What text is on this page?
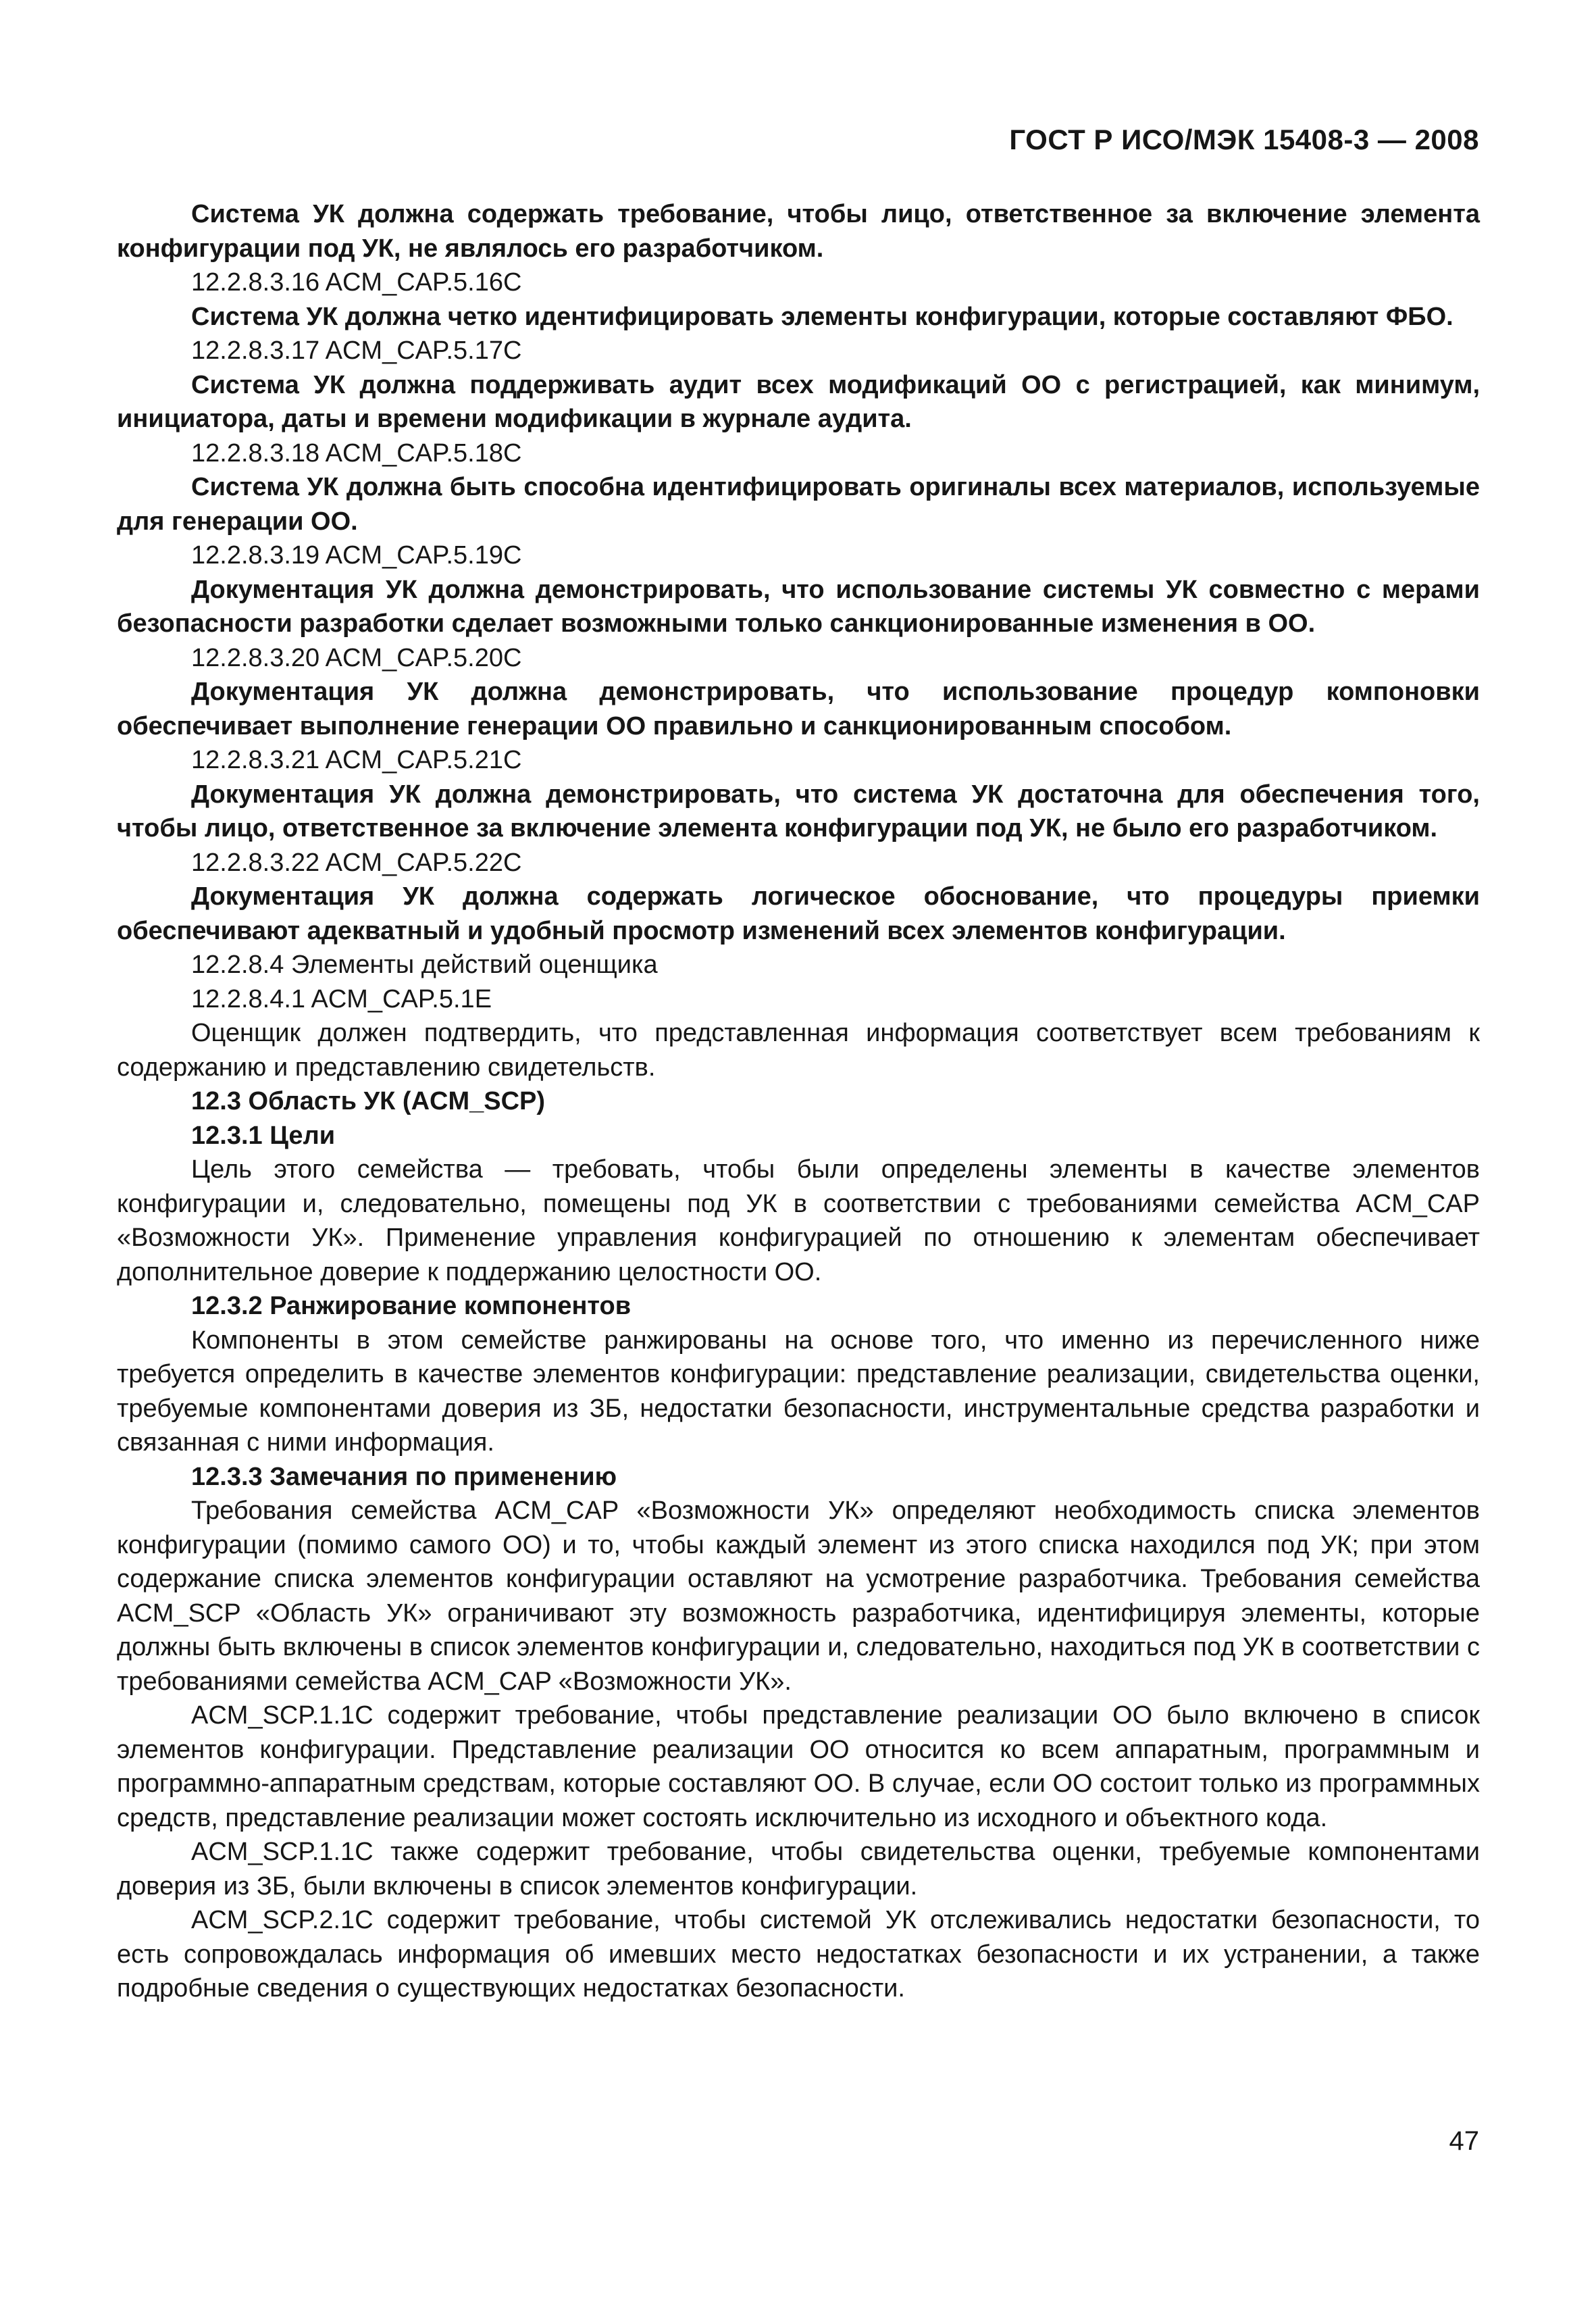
ГОСТ Р ИСО/МЭК 15408-3 — 2008

Система УК должна содержать требование, чтобы лицо, ответственное за включение элемента конфигурации под УК, не являлось его разработчиком.

12.2.8.3.16 ACM_CAP.5.16C

Система УК должна четко идентифицировать элементы конфигурации, которые составляют ФБО.

12.2.8.3.17 ACM_CAP.5.17C

Система УК должна поддерживать аудит всех модификаций ОО с регистрацией, как минимум, инициатора, даты и времени модификации в журнале аудита.

12.2.8.3.18 ACM_CAP.5.18C

Система УК должна быть способна идентифицировать оригиналы всех материалов, используемые для генерации ОО.

12.2.8.3.19 ACM_CAP.5.19C

Документация УК должна демонстрировать, что использование системы УК совместно с мерами безопасности разработки сделает возможными только санкционированные изменения в ОО.

12.2.8.3.20 ACM_CAP.5.20C

Документация УК должна демонстрировать, что использование процедур компоновки обеспечивает выполнение генерации ОО правильно и санкционированным способом.

12.2.8.3.21 ACM_CAP.5.21C

Документация УК должна демонстрировать, что система УК достаточна для обеспечения того, чтобы лицо, ответственное за включение элемента конфигурации под УК, не было его разработчиком.

12.2.8.3.22 ACM_CAP.5.22C

Документация УК должна содержать логическое обоснование, что процедуры приемки обеспечивают адекватный и удобный просмотр изменений всех элементов конфигурации.

12.2.8.4 Элементы действий оценщика

12.2.8.4.1 ACM_CAP.5.1E

Оценщик должен подтвердить, что представленная информация соответствует всем требованиям к содержанию и представлению свидетельств.

12.3 Область УК (ACM_SCP)

12.3.1 Цели

Цель этого семейства — требовать, чтобы были определены элементы в качестве элементов конфигурации и, следовательно, помещены под УК в соответствии с требованиями семейства ACM_CAP «Возможности УК». Применение управления конфигурацией по отношению к элементам обеспечивает дополнительное доверие к поддержанию целостности ОО.

12.3.2 Ранжирование компонентов

Компоненты в этом семействе ранжированы на основе того, что именно из перечисленного ниже требуется определить в качестве элементов конфигурации: представление реализации, свидетельства оценки, требуемые компонентами доверия из ЗБ, недостатки безопасности, инструментальные средства разработки и связанная с ними информация.

12.3.3 Замечания по применению

Требования семейства ACM_CAP «Возможности УК» определяют необходимость списка элементов конфигурации (помимо самого ОО) и то, чтобы каждый элемент из этого списка находился под УК; при этом содержание списка элементов конфигурации оставляют на усмотрение разработчика. Требования семейства ACM_SCP «Область УК» ограничивают эту возможность разработчика, идентифицируя элементы, которые должны быть включены в список элементов конфигурации и, следовательно, находиться под УК в соответствии с требованиями семейства ACM_CAP «Возможности УК».

ACM_SCP.1.1C содержит требование, чтобы представление реализации ОО было включено в список элементов конфигурации. Представление реализации ОО относится ко всем аппаратным, программным и программно-аппаратным средствам, которые составляют ОО. В случае, если ОО состоит только из программных средств, представление реализации может состоять исключительно из исходного и объектного кода.

ACM_SCP.1.1C также содержит требование, чтобы свидетельства оценки, требуемые компонентами доверия из ЗБ, были включены в список элементов конфигурации.

ACM_SCP.2.1C содержит требование, чтобы системой УК отслеживались недостатки безопасности, то есть сопровождалась информация об имевших место недостатках безопасности и их устранении, а также подробные сведения о существующих недостатках безопасности.

47
